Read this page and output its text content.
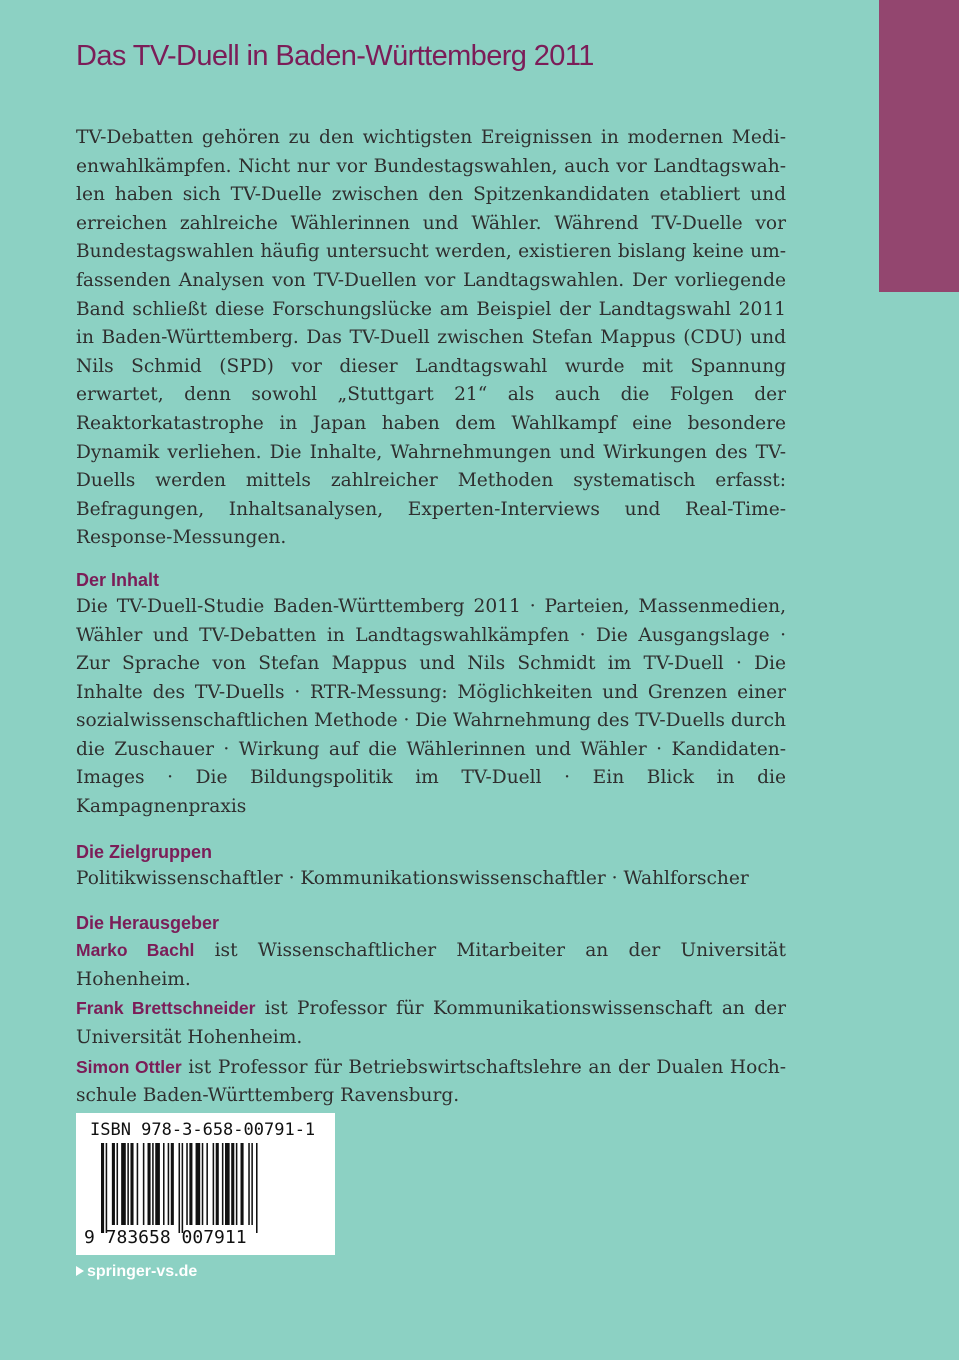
Das TV-Duell in Baden-Württemberg 2011

TV-Debatten gehören zu den wichtigsten Ereignissen in modernen Medienwahlkämpfen. Nicht nur vor Bundestagswahlen, auch vor Landtagswahlen haben sich TV-Duelle zwischen den Spitzenkandidaten etabliert und erreichen zahlreiche Wählerinnen und Wähler. Während TV-Duelle vor Bundestagswahlen häufig untersucht werden, existieren bislang keine umfassenden Analysen von TV-Duellen vor Landtagswahlen. Der vorliegende Band schließt diese Forschungslücke am Beispiel der Landtagswahl 2011 in Baden-Württemberg. Das TV-Duell zwischen Stefan Mappus (CDU) und Nils Schmid (SPD) vor dieser Landtagswahl wurde mit Spannung erwartet, denn sowohl „Stuttgart 21“ als auch die Folgen der Reaktorkatastrophe in Japan haben dem Wahlkampf eine besondere Dynamik verliehen. Die Inhalte, Wahrnehmungen und Wirkungen des TV-Duells werden mittels zahlreicher Methoden systematisch erfasst: Befragungen, Inhaltsanalysen, Experten-Interviews und Real-Time-Response-Messungen.

Der Inhalt

Die TV-Duell-Studie Baden-Württemberg 2011 · Parteien, Massenmedien, Wähler und TV-Debatten in Landtagswahlkämpfen · Die Ausgangslage · Zur Sprache von Stefan Mappus und Nils Schmidt im TV-Duell · Die Inhalte des TV-Duells · RTR-Messung: Möglichkeiten und Grenzen einer sozialwissenschaftlichen Methode · Die Wahrnehmung des TV-Duells durch die Zuschauer · Wirkung auf die Wählerinnen und Wähler · Kandidaten-Images · Die Bildungspolitik im TV-Duell · Ein Blick in die Kampagnenpraxis

Die Zielgruppen

Politikwissenschaftler · Kommunikationswissenschaftler · Wahlforscher

Die Herausgeber

Marko Bachl ist Wissenschaftlicher Mitarbeiter an der Universität Hohenheim.

Frank Brettschneider ist Professor für Kommunikationswissenschaft an der Universität Hohenheim.

Simon Ottler ist Professor für Betriebswirtschaftslehre an der Dualen Hochschule Baden-Württemberg Ravensburg.

ISBN 978-3-658-00791-1
9 783658 007911
springer-vs.de
